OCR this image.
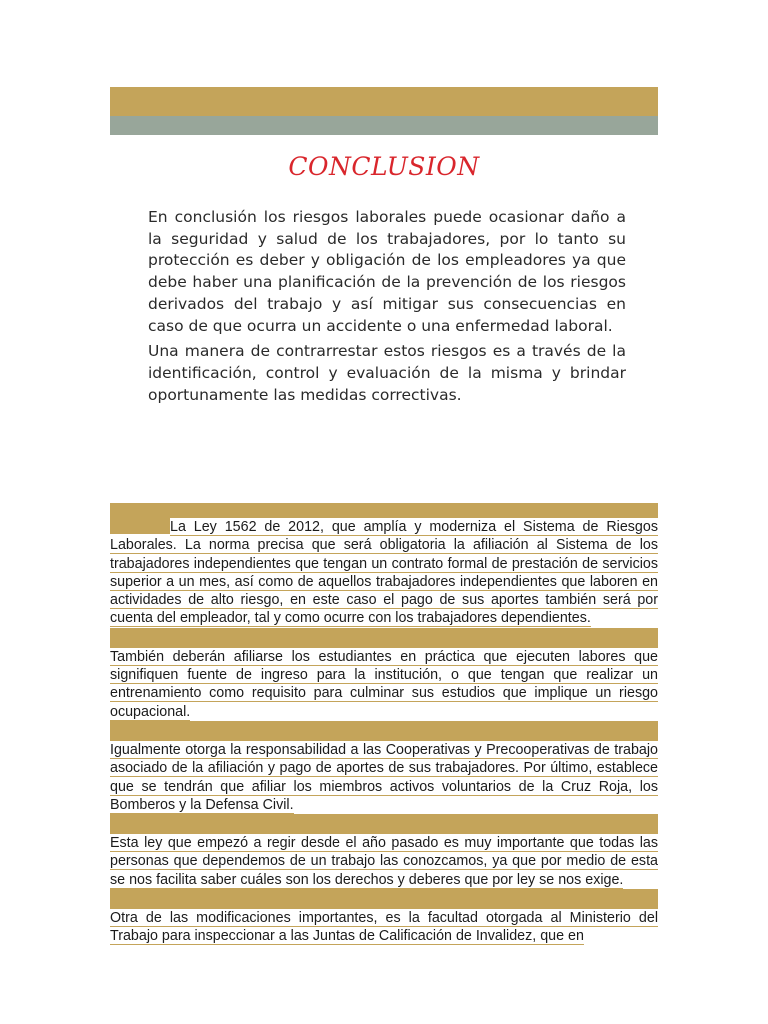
CONCLUSION

En conclusión los riesgos laborales puede ocasionar daño a la seguridad y salud de los trabajadores, por lo tanto su protección es deber y obligación de los empleadores ya que debe haber una planificación de la prevención de los riesgos derivados del trabajo y así mitigar sus consecuencias en caso de que ocurra un accidente o una enfermedad laboral.

Una manera de contrarrestar estos riesgos es a través de la identificación, control y evaluación de la misma y brindar oportunamente las medidas correctivas.

La Ley 1562 de 2012, que amplía y moderniza el Sistema de Riesgos Laborales. La norma precisa que será obligatoria la afiliación al Sistema de los trabajadores independientes que tengan un contrato formal de prestación de servicios superior a un mes, así como de aquellos trabajadores independientes que laboren en actividades de alto riesgo, en este caso el pago de sus aportes también será por cuenta del empleador, tal y como ocurre con los trabajadores dependientes.

También deberán afiliarse los estudiantes en práctica que ejecuten labores que signifiquen fuente de ingreso para la institución, o que tengan que realizar un entrenamiento como requisito para culminar sus estudios que implique un riesgo ocupacional.

Igualmente otorga la responsabilidad a las Cooperativas y Precooperativas de trabajo asociado de la afiliación y pago de aportes de sus trabajadores. Por último, establece que se tendrán que afiliar los miembros activos voluntarios de la Cruz Roja, los Bomberos y la Defensa Civil.

Esta ley que empezó a regir desde el año pasado es muy importante que todas las personas que dependemos de un trabajo las conozcamos, ya que por medio de esta se nos facilita saber cuáles son los derechos y deberes que por ley se nos exige.

Otra de las modificaciones importantes, es la facultad otorgada al Ministerio del Trabajo para inspeccionar a las Juntas de Calificación de Invalidez, que en
